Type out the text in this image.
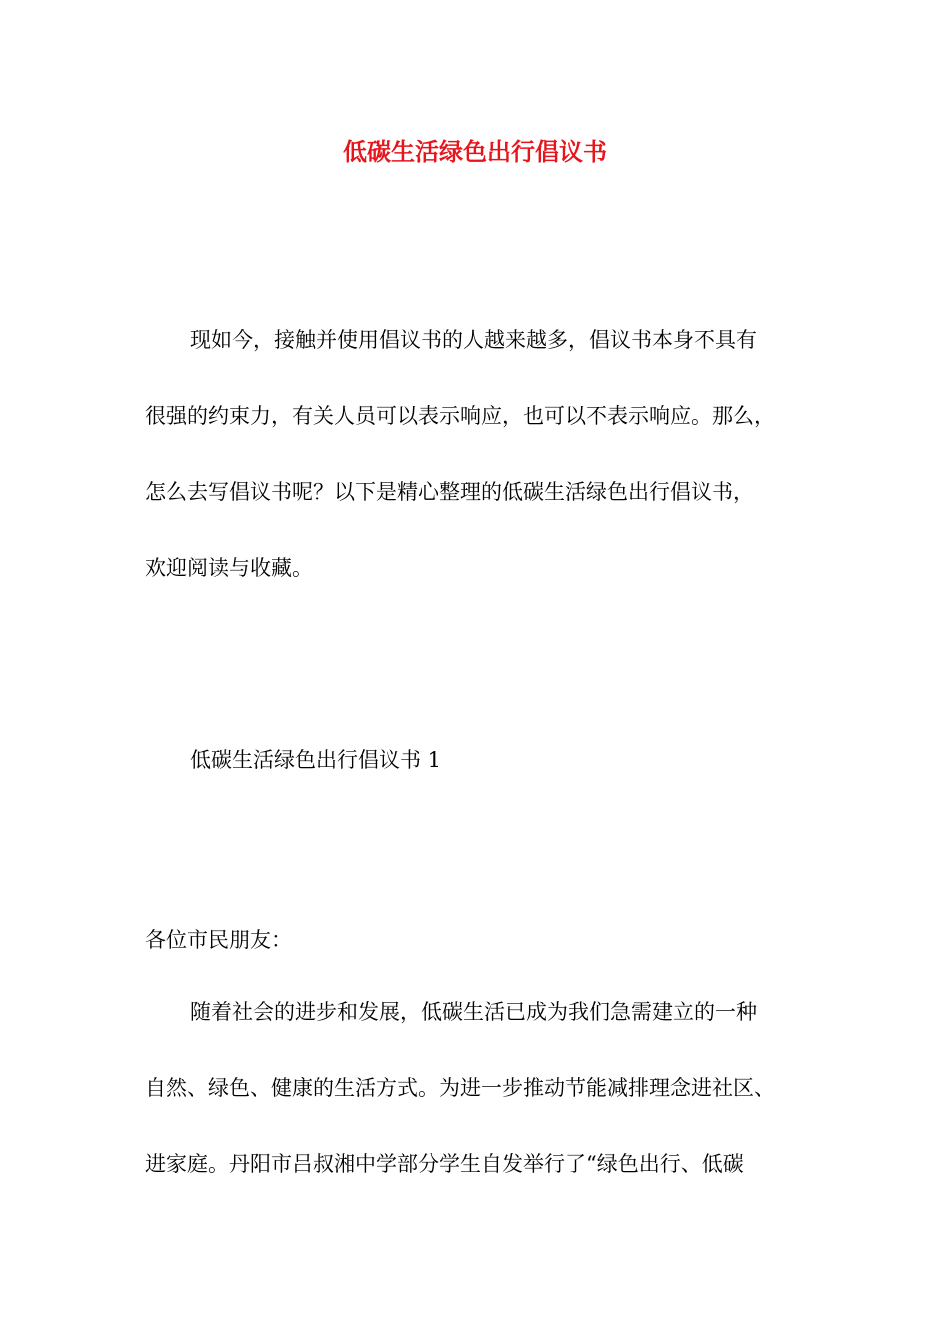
低碳生活绿色出行倡议书
现如今，接触并使用倡议书的人越来越多，倡议书本身不具有
很强的约束力，有关人员可以表示响应，也可以不表示响应。那么，
怎么去写倡议书呢？以下是精心整理的低碳生活绿色出行倡议书，
欢迎阅读与收藏。
低碳生活绿色出行倡议书 1
各位市民朋友：
随着社会的进步和发展，低碳生活已成为我们急需建立的一种
自然、绿色、健康的生活方式。为进一步推动节能减排理念进社区、
进家庭。丹阳市吕叔湘中学部分学生自发举行了“绿色出行、低碳
